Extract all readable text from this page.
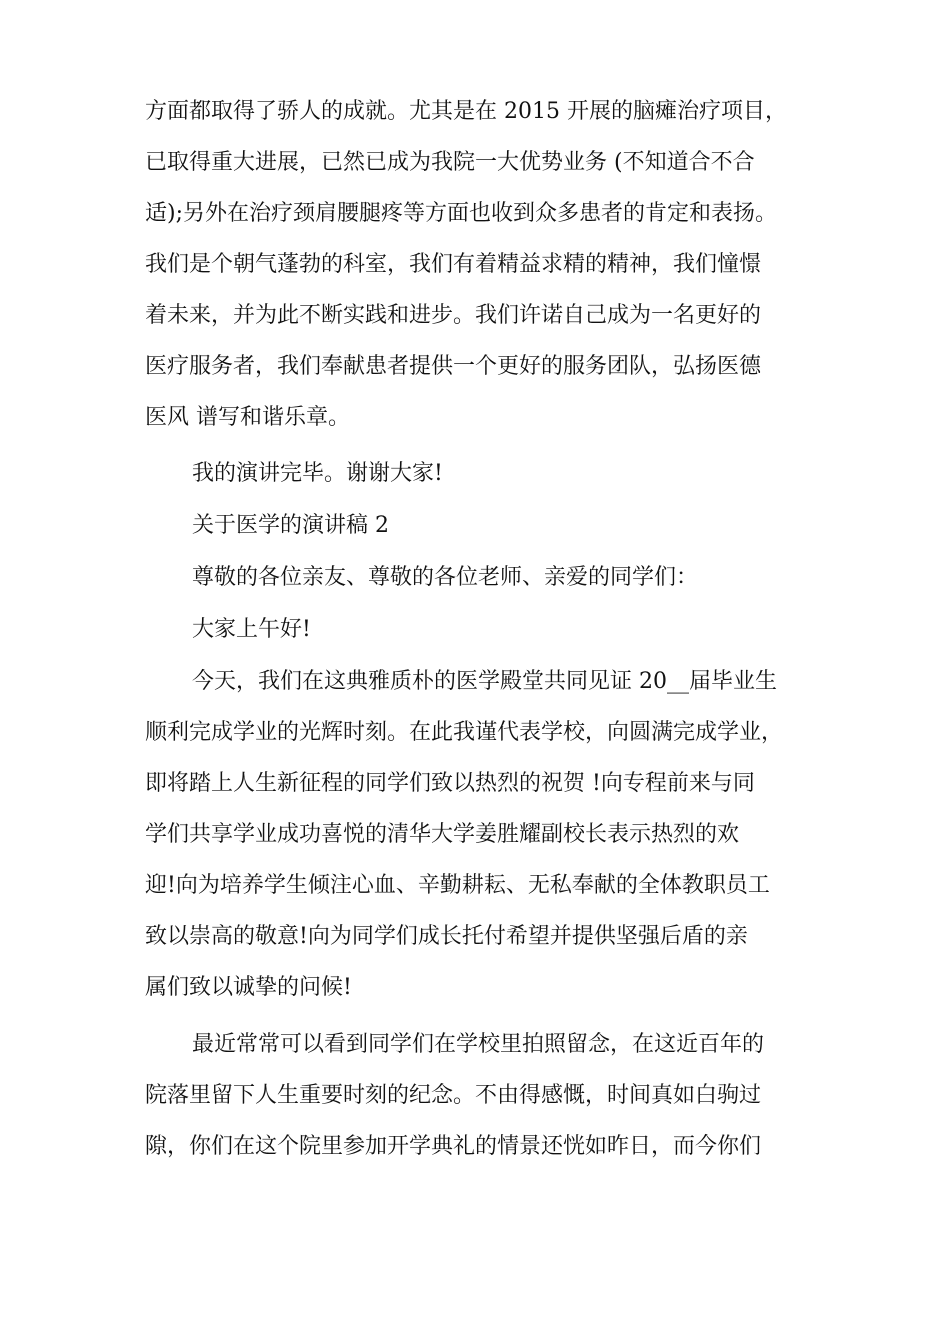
方面都取得了骄人的成就。尤其是在 2015 开展的脑瘫治疗项目，
已取得重大进展，已然已成为我院一大优势业务 (不知道合不合
适);另外在治疗颈肩腰腿疼等方面也收到众多患者的肯定和表扬。
我们是个朝气蓬勃的科室，我们有着精益求精的精神，我们憧憬
着未来，并为此不断实践和进步。我们许诺自己成为一名更好的
医疗服务者，我们奉献患者提供一个更好的服务团队，弘扬医德
医风 谱写和谐乐章。
我的演讲完毕。谢谢大家!
关于医学的演讲稿 2
尊敬的各位亲友、尊敬的各位老师、亲爱的同学们：
大家上午好!
今天，我们在这典雅质朴的医学殿堂共同见证 20__届毕业生
顺利完成学业的光辉时刻。在此我谨代表学校，向圆满完成学业，
即将踏上人生新征程的同学们致以热烈的祝贺 !向专程前来与同
学们共享学业成功喜悦的清华大学姜胜耀副校长表示热烈的欢
迎!向为培养学生倾注心血、辛勤耕耘、无私奉献的全体教职员工
致以崇高的敬意!向为同学们成长托付希望并提供坚强后盾的亲
属们致以诚挚的问候!
最近常常可以看到同学们在学校里拍照留念，在这近百年的
院落里留下人生重要时刻的纪念。不由得感慨，时间真如白驹过
隙，你们在这个院里参加开学典礼的情景还恍如昨日，而今你们
